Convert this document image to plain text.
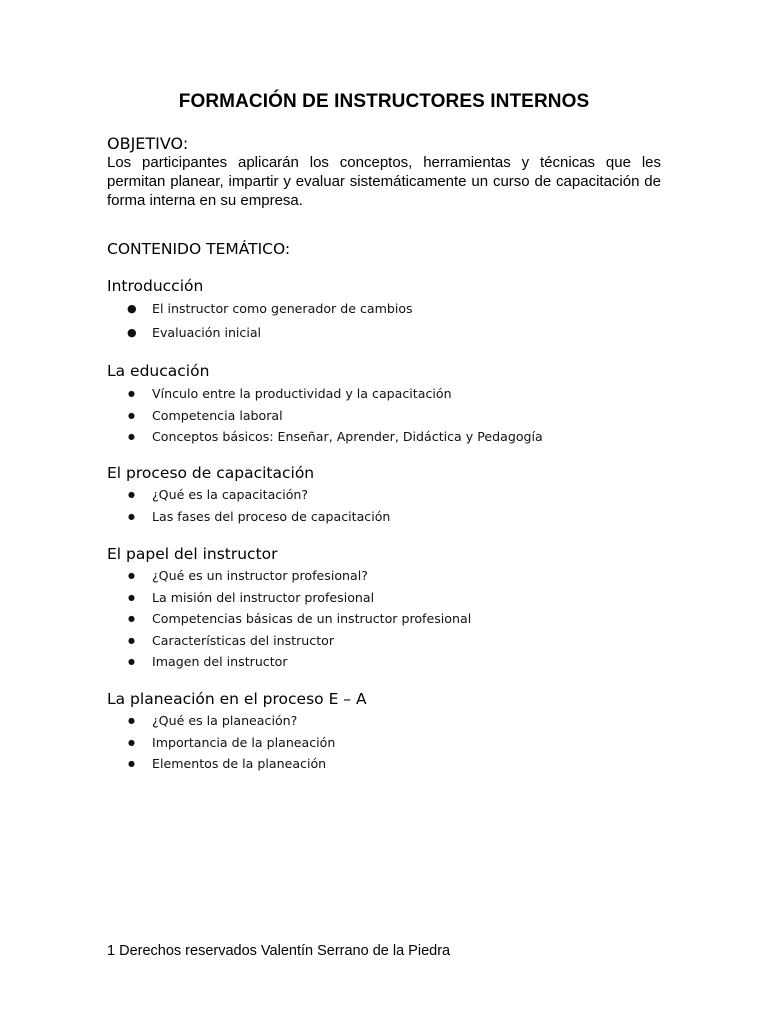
FORMACIÓN DE INSTRUCTORES INTERNOS
OBJETIVO:
Los participantes aplicarán los conceptos, herramientas y técnicas que les permitan planear, impartir y evaluar sistemáticamente un curso de capacitación de forma interna en su empresa.
CONTENIDO TEMÁTICO:
Introducción
● El instructor como generador de cambios
● Evaluación inicial
La educación
● Vínculo entre la productividad y la capacitación
● Competencia laboral
● Conceptos básicos: Enseñar, Aprender, Didáctica y Pedagogía
El proceso de capacitación
● ¿Qué es la capacitación?
● Las fases del proceso de capacitación
El papel del instructor
● ¿Qué es un instructor profesional?
● La misión del instructor profesional
● Competencias básicas de un instructor profesional
● Características del instructor
● Imagen del instructor
La planeación en el proceso E – A
● ¿Qué es la planeación?
● Importancia de la planeación
● Elementos de la planeación
1 Derechos reservados Valentín Serrano de la Piedra
